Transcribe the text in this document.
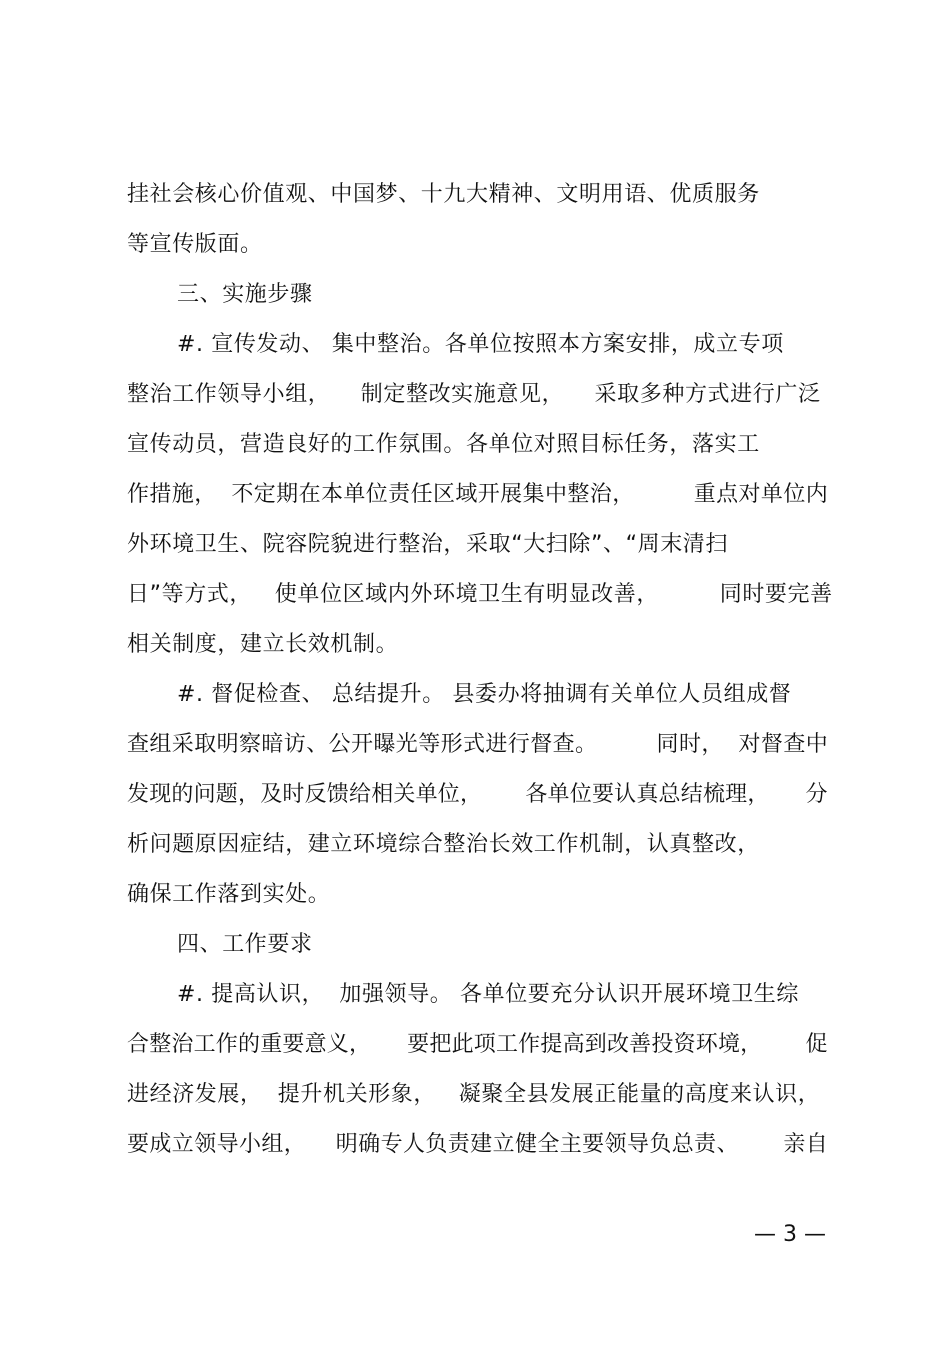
挂社会核心价值观、中国梦、十九大精神、文明用语、优质服务
等宣传版面。
三、实施步骤
#. 宣传发动、 集中整治。各单位按照本方案安排，成立专项
整治工作领导小组，    制定整改实施意见，    采取多种方式进行广泛
宣传动员，营造良好的工作氛围。各单位对照目标任务，落实工
作措施，  不定期在本单位责任区域开展集中整治，        重点对单位内
外环境卫生、院容院貌进行整治，采取“大扫除”、“周末清扫
日”等方式，   使单位区域内外环境卫生有明显改善，        同时要完善
相关制度，建立长效机制。
#. 督促检查、 总结提升。 县委办将抽调有关单位人员组成督
查组采取明察暗访、公开曝光等形式进行督查。        同时，  对督查中
发现的问题，及时反馈给相关单位，      各单位要认真总结梳理，     分
析问题原因症结，建立环境综合整治长效工作机制，认真整改，
确保工作落到实处。
四、工作要求
#. 提高认识，  加强领导。 各单位要充分认识开展环境卫生综
合整治工作的重要意义，     要把此项工作提高到改善投资环境，      促
进经济发展，  提升机关形象，   凝聚全县发展正能量的高度来认识，
要成立领导小组，    明确专人负责建立健全主要领导负总责、      亲自
— 3 —
